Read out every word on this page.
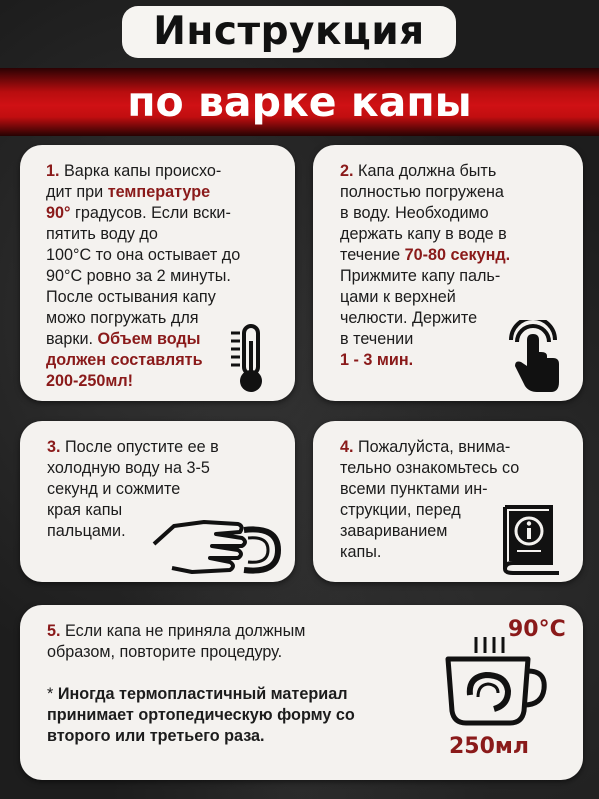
Инструкция
по варке капы
1. Варка капы происхо-
дит при температуре
90° градусов. Если вски-
пятить воду до
100°С то она остывает до
90°С ровно за 2 минуты.
После остывания капу
можо погружать для
варки. Объем воды
должен составлять
200-250мл!
2. Капа должна быть
полностью погружена
в воду. Необходимо
держать капу в воде в
течение 70-80 секунд.
Прижмите капу паль-
цами к верхней
челюсти. Держите
в течении
1 - 3 мин.
3. После опустите ее в
холодную воду на 3-5
секунд и сожмите
края капы
пальцами.
4. Пожалуйста, внима-
тельно ознакомьтесь со
всеми пунктами ин-
струкции, перед
завариванием
капы.
5. Если капа не приняла должным
образом, повторите процедуру.
* Иногда термопластичный материал
принимает ортопедическую форму со
второго или третьего раза.
90°С
250мл
